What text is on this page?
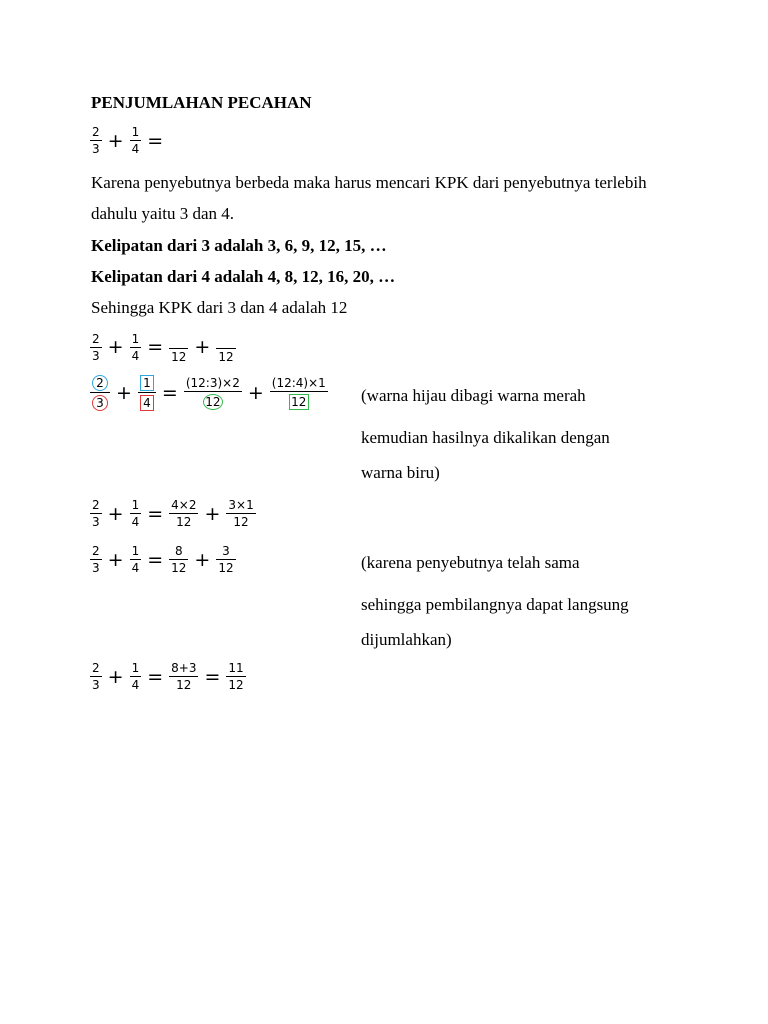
PENJUMLAHAN PECAHAN
$\frac{2}{3} + \frac{1}{4}$ =
Karena penyebutnya berbeda maka harus mencari KPK dari penyebutnya terlebih
dahulu yaitu 3 dan 4.
Kelipatan dari 3 adalah 3, 6, 9, 12, 15, …
Kelipatan dari 4 adalah 4, 8, 12, 16, 20, …
Sehingga KPK dari 3 dan 4 adalah 12
$\frac{2}{3} + \frac{1}{4} = 12 + 12$
$\frac{2}{3} + \frac{1}{4} = \frac{(12:3)\times 2}{12} + \frac{(12:4)\times 1}{12}$ (warna hijau dibagi warna merah
kemudian hasilnya dikalikan dengan
warna biru)
$\frac{2}{3} + \frac{1}{4} = \frac{4\times 2}{12} + \frac{3\times 1}{12}$
$\frac{2}{3} + \frac{1}{4} = \frac{8}{12} + \frac{3}{12}$	(karena penyebutnya telah sama
sehingga pembilangnya dapat langsung
dijumlahkan)
$\frac{2}{3} + \frac{1}{4} = \frac{8+3}{12} = \frac{11}{12}$
